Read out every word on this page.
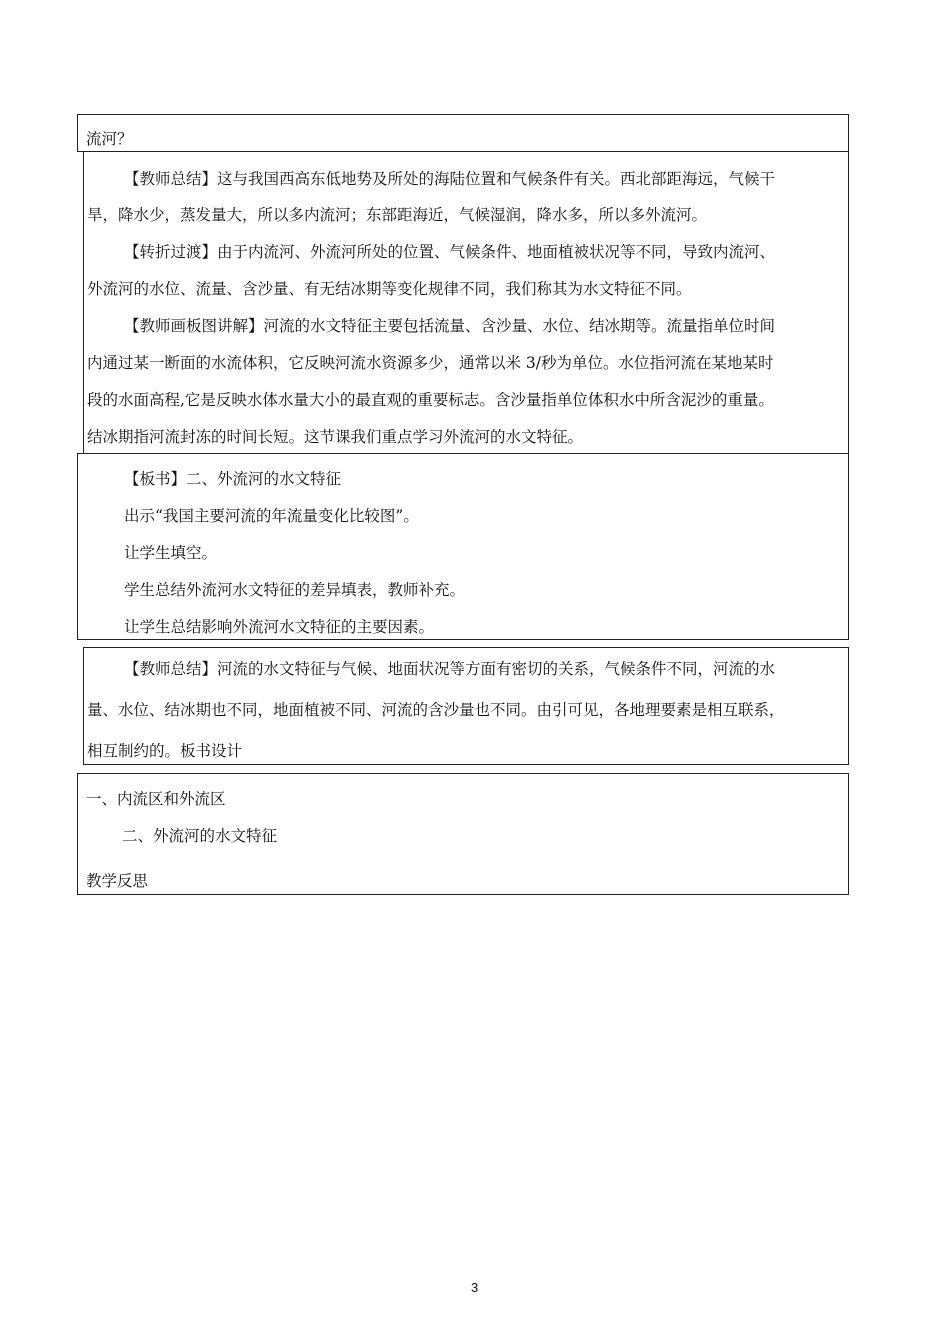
流河？
【教师总结】这与我国西高东低地势及所处的海陆位置和气候条件有关。西北部距海远，气候干
旱，降水少，蒸发量大，所以多内流河；东部距海近，气候湿润，降水多，所以多外流河。
【转折过渡】由于内流河、外流河所处的位置、气候条件、地面植被状况等不同，导致内流河、
外流河的水位、流量、含沙量、有无结冰期等变化规律不同，我们称其为水文特征不同。
【教师画板图讲解】河流的水文特征主要包括流量、含沙量、水位、结冰期等。流量指单位时间
内通过某一断面的水流体积，它反映河流水资源多少，通常以米 3/秒为单位。水位指河流在某地某时
段的水面高程,它是反映水体水量大小的最直观的重要标志。含沙量指单位体积水中所含泥沙的重量。
结冰期指河流封冻的时间长短。这节课我们重点学习外流河的水文特征。
【板书】二、外流河的水文特征
出示“我国主要河流的年流量变化比较图”。
让学生填空。
学生总结外流河水文特征的差异填表，教师补充。
让学生总结影响外流河水文特征的主要因素。
【教师总结】河流的水文特征与气候、地面状况等方面有密切的关系，气候条件不同，河流的水
量、水位、结冰期也不同，地面植被不同、河流的含沙量也不同。由引可见，各地理要素是相互联系，
相互制约的。板书设计
一、内流区和外流区
二、外流河的水文特征
教学反思
3
